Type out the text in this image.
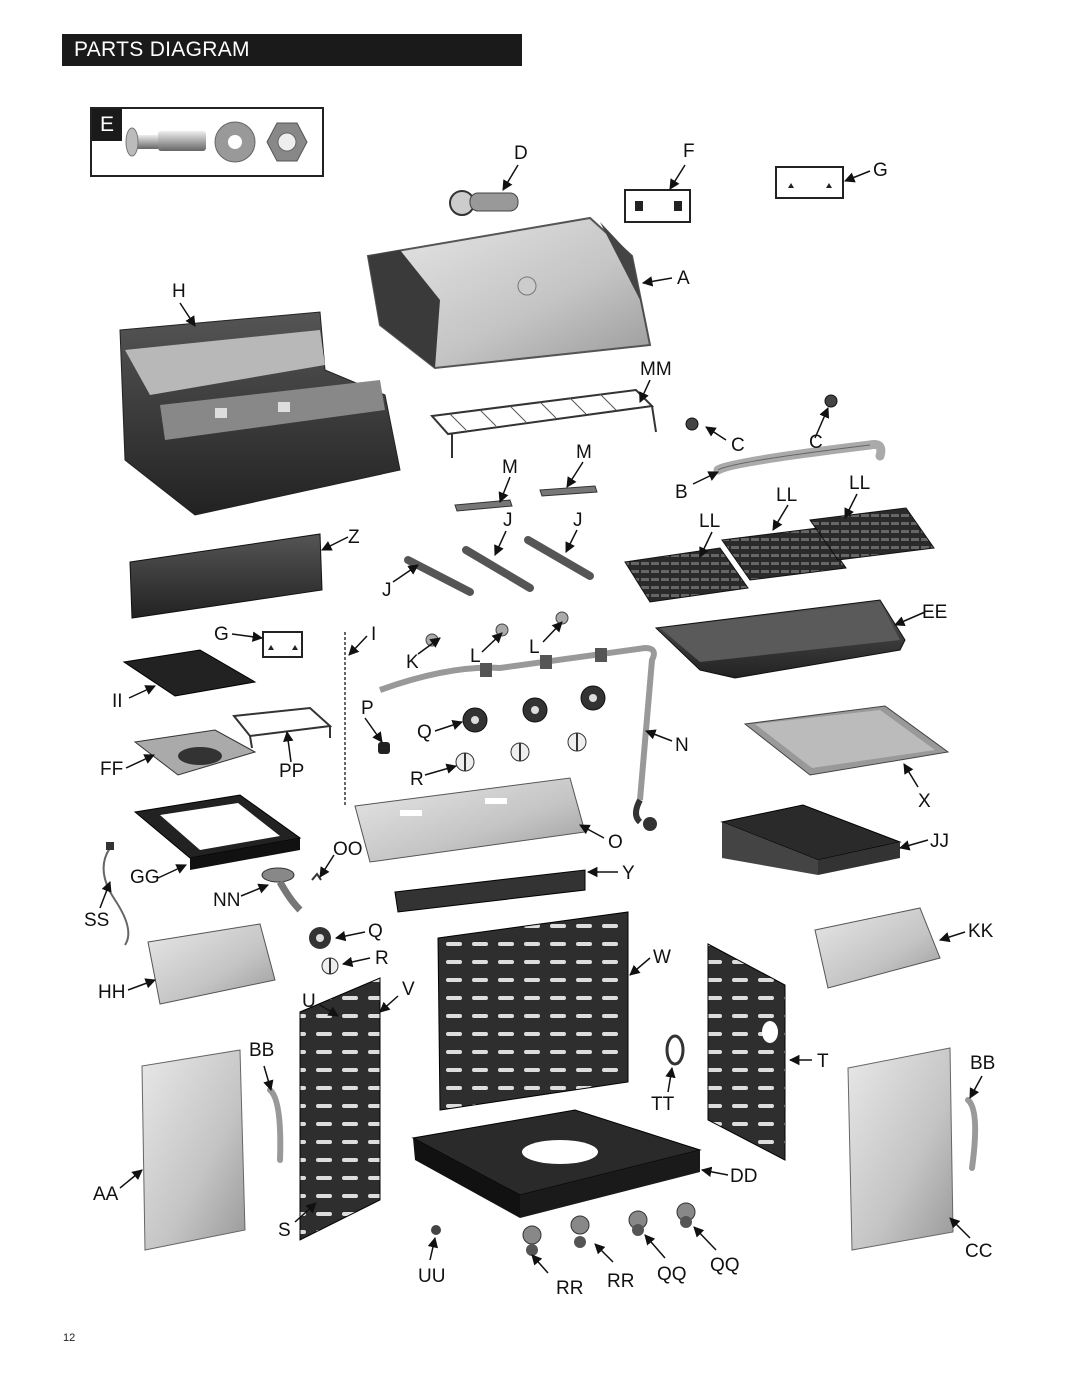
PARTS DIAGRAM
E
D	F
G
A
H
MM
C	C
M
M
B	LL
LL
LL
J	J
Z
J
EE
G	I
K	L	L
II	P
Q
N
FF	PP	R
X
O	JJ
OO
GG	Y
NN
SS
KK
Q
W
R
HH	U
V
BB
T	BB
TT
DD
AA
S
CC
UU
RR RR QQ QQ
12
